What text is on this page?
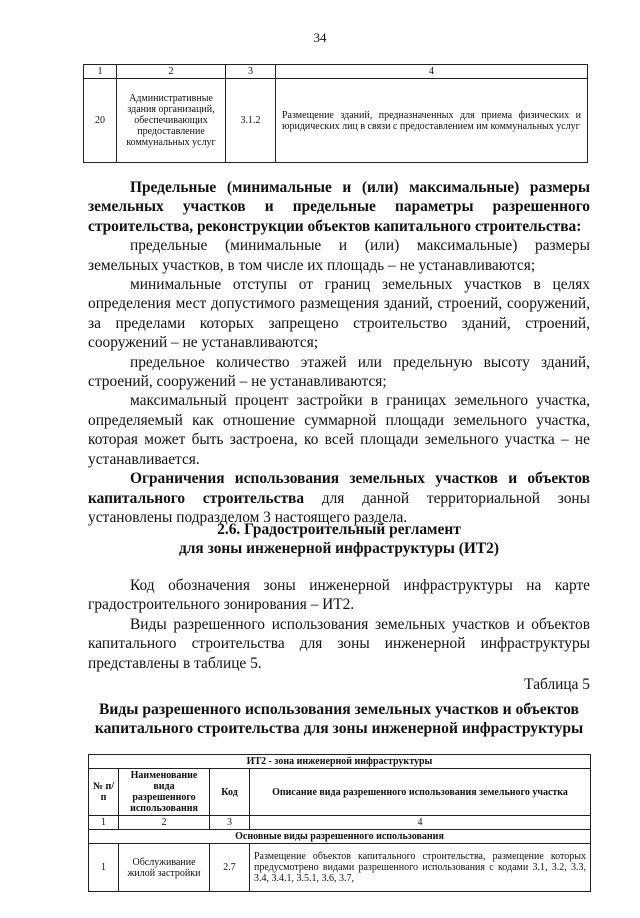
34
1	2	3	4
20	Административные здания организаций, обеспечивающих предоставление коммунальных услуг	3.1.2	Размещение зданий, предназначенных для приема физических и юридических лиц в связи с предоставлением им коммунальных услуг
Предельные (минимальные и (или) максимальные) размеры земельных участков и предельные параметры разрешенного строительства, реконструкции объектов капитального строительства:
предельные (минимальные и (или) максимальные) размеры земельных участков, в том числе их площадь – не устанавливаются;
минимальные отступы от границ земельных участков в целях определения мест допустимого размещения зданий, строений, сооружений, за пределами которых запрещено строительство зданий, строений, сооружений – не устанавливаются;
предельное количество этажей или предельную высоту зданий, строений, сооружений – не устанавливаются;
максимальный процент застройки в границах земельного участка, определяемый как отношение суммарной площади земельного участка, которая может быть застроена, ко всей площади земельного участка – не устанавливается.
Ограничения использования земельных участков и объектов капитального строительства для данной территориальной зоны установлены подразделом 3 настоящего раздела.
2.6. Градостроительный регламент
для зоны инженерной инфраструктуры (ИТ2)
Код обозначения зоны инженерной инфраструктуры на карте градостроительного зонирования – ИТ2.
Виды разрешенного использования земельных участков и объектов капитального строительства для зоны инженерной инфраструктуры представлены в таблице 5.
Таблица 5
Виды разрешенного использования земельных участков и объектов капитального строительства для зоны инженерной инфраструктуры
ИТ2 - зона инженерной инфраструктуры			
№ п/п	Наименование вида разрешенного использования	Код	Описание вида разрешенного использования земельного участка
1	2	3	4
Основные виды разрешенного использования			
1	Обслуживание жилой застройки	2.7	Размещение объектов капитального строительства, размещение которых предусмотрено видами разрешенного использования с кодами 3.1, 3.2, 3.3, 3.4, 3.4.1, 3.5.1, 3.6, 3.7,
